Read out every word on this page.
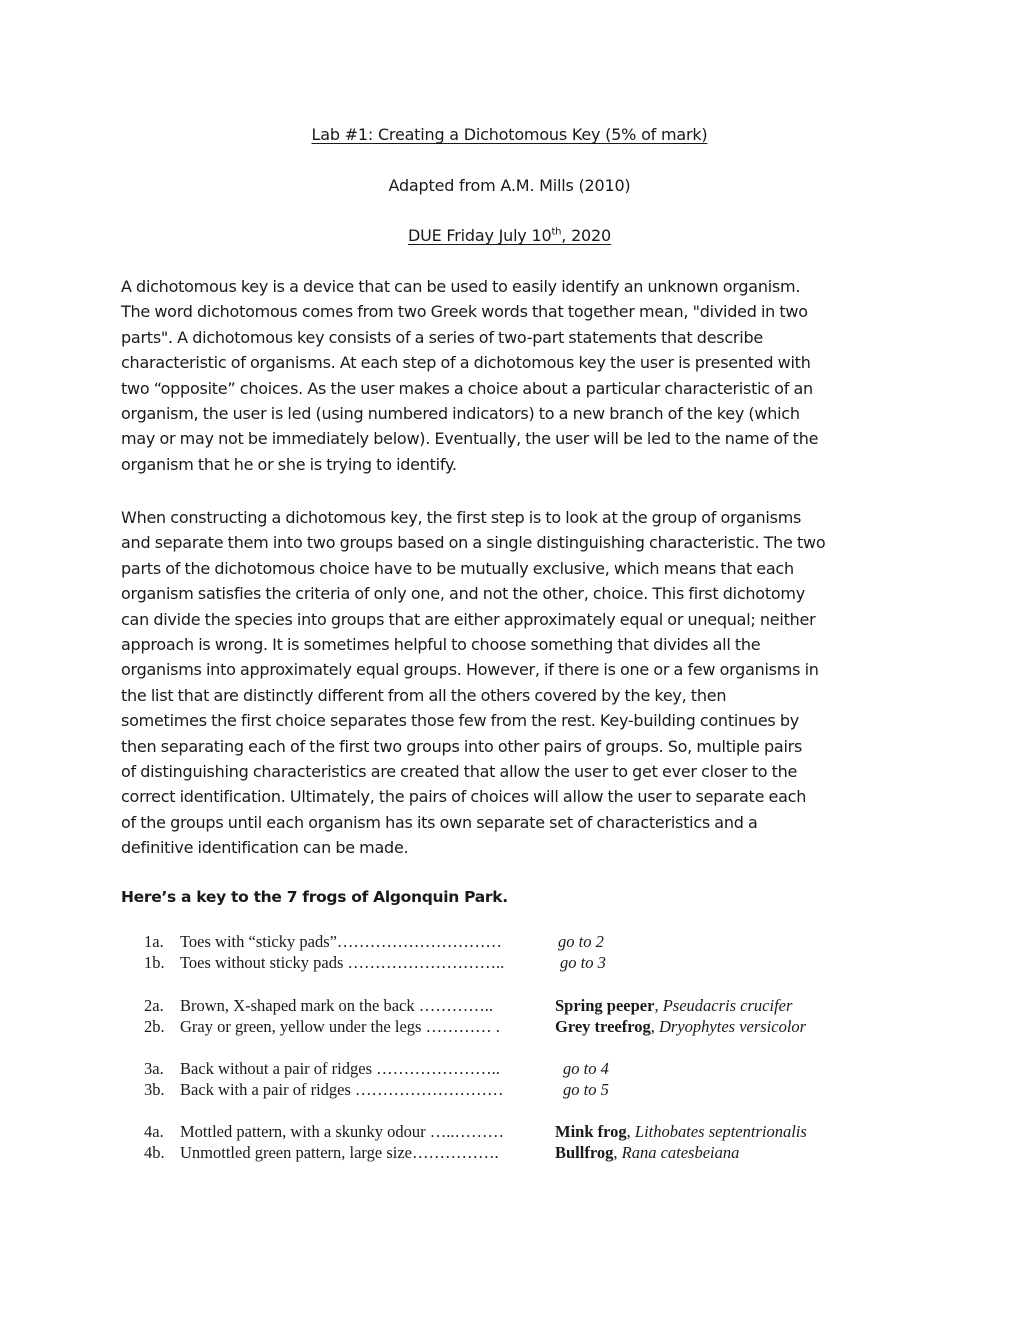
Lab #1: Creating a Dichotomous Key (5% of mark)
Adapted from A.M. Mills (2010)
DUE Friday July 10th, 2020
A dichotomous key is a device that can be used to easily identify an unknown organism.
The word dichotomous comes from two Greek words that together mean, "divided in two
parts". A dichotomous key consists of a series of two-part statements that describe
characteristic of organisms. At each step of a dichotomous key the user is presented with
two “opposite” choices. As the user makes a choice about a particular characteristic of an
organism, the user is led (using numbered indicators) to a new branch of the key (which
may or may not be immediately below). Eventually, the user will be led to the name of the
organism that he or she is trying to identify.
When constructing a dichotomous key, the first step is to look at the group of organisms
and separate them into two groups based on a single distinguishing characteristic. The two
parts of the dichotomous choice have to be mutually exclusive, which means that each
organism satisfies the criteria of only one, and not the other, choice. This first dichotomy
can divide the species into groups that are either approximately equal or unequal; neither
approach is wrong. It is sometimes helpful to choose something that divides all the
organisms into approximately equal groups. However, if there is one or a few organisms in
the list that are distinctly different from all the others covered by the key, then
sometimes the first choice separates those few from the rest. Key-building continues by
then separating each of the first two groups into other pairs of groups. So, multiple pairs
of distinguishing characteristics are created that allow the user to get ever closer to the
correct identification. Ultimately, the pairs of choices will allow the user to separate each
of the groups until each organism has its own separate set of characteristics and a
definitive identification can be made.
Here’s a key to the 7 frogs of Algonquin Park.
1a. Toes with “sticky pads”…………………………	go to 2
1b. Toes without sticky pads ………………………..	go to 3
2a. Brown, X-shaped mark on the back …………..	Spring peeper, Pseudacris crucifer
2b. Gray or green, yellow under the legs ………… .	Grey treefrog, Dryophytes versicolor
3a. Back without a pair of ridges …………………..	go to 4
3b. Back with a pair of ridges ………………………	go to 5
4a. Mottled pattern, with a skunky odour …..………	Mink frog, Lithobates septentrionalis
4b. Unmottled green pattern, large size…………….	Bullfrog, Rana catesbeiana
